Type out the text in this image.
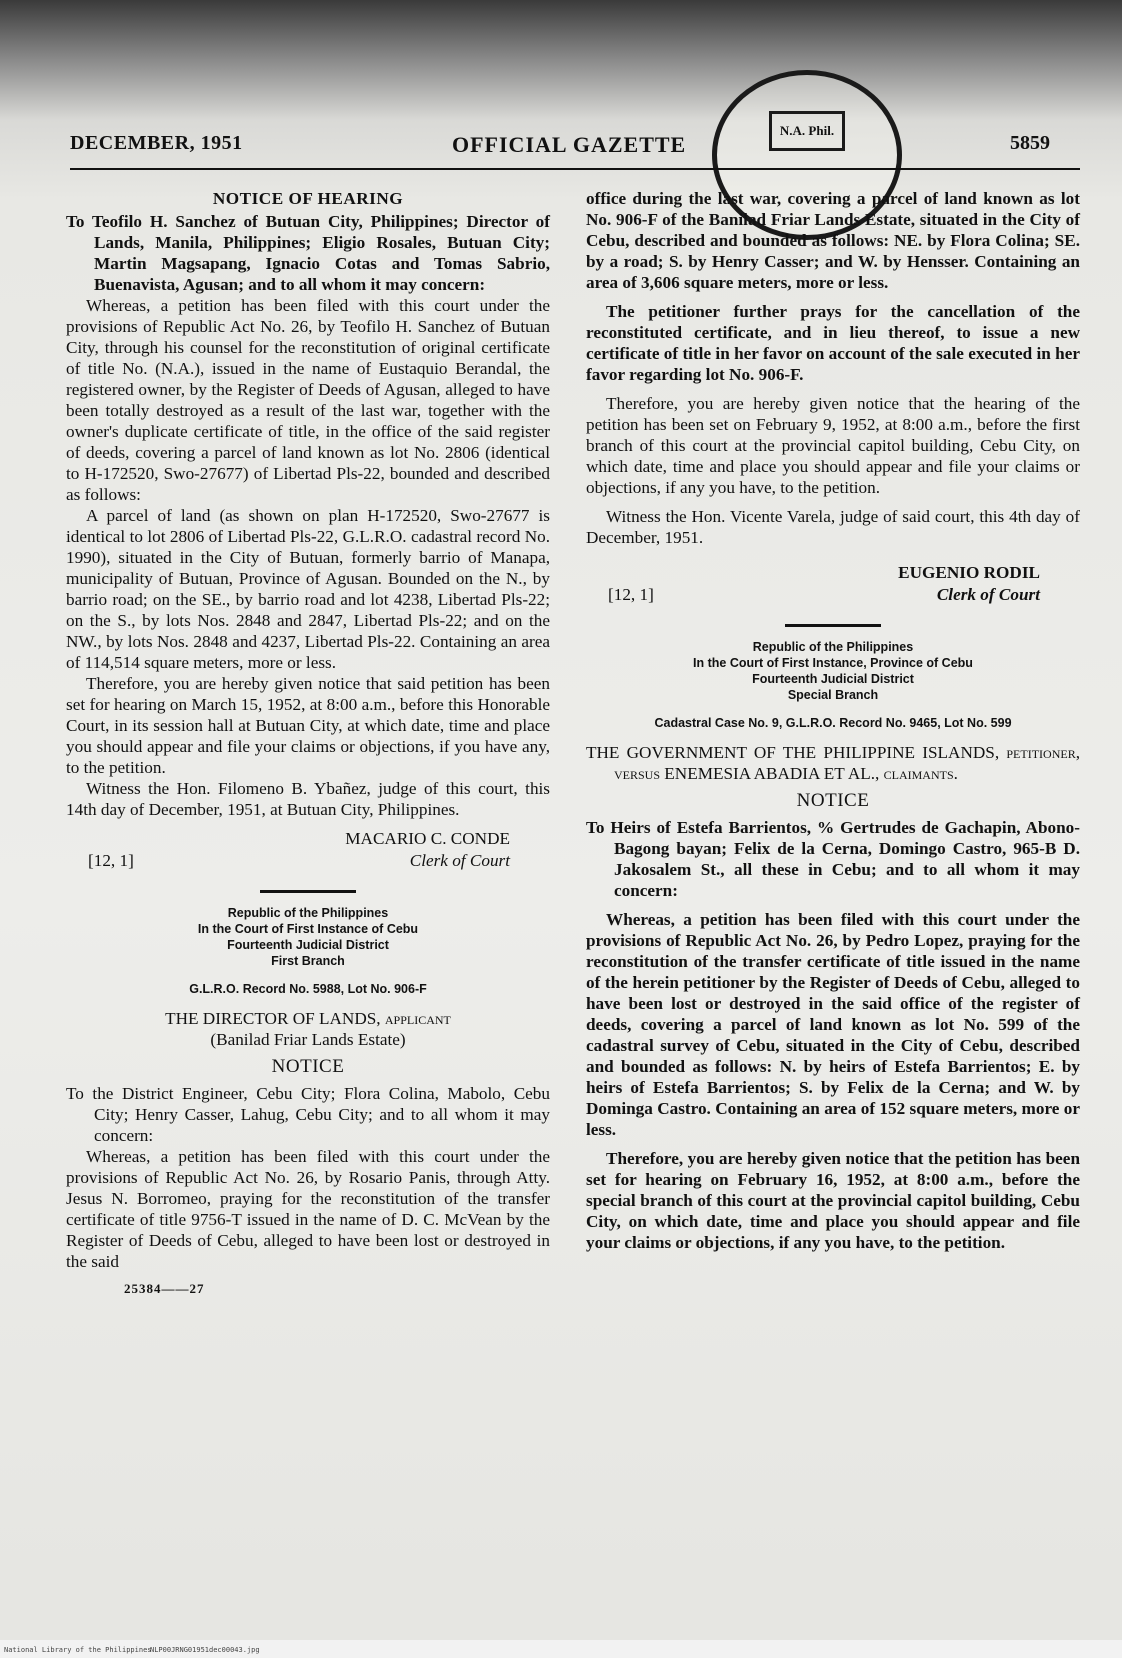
N.A. Phil.
DECEMBER, 1951	OFFICIAL GAZETTE	5859

NOTICE OF HEARING

To Teofilo H. Sanchez of Butuan City, Philippines; Director of Lands, Manila, Philippines; Eligio Rosales, Butuan City; Martin Magsapang, Ignacio Cotas and Tomas Sabrio, Buenavista, Agusan; and to all whom it may concern:

Whereas, a petition has been filed with this court under the provisions of Republic Act No. 26, by Teofilo H. Sanchez of Butuan City, through his counsel for the reconstitution of original certificate of title No. (N.A.), issued in the name of Eustaquio Berandal, the registered owner, by the Register of Deeds of Agusan, alleged to have been totally destroyed as a result of the last war, together with the owner's duplicate certificate of title, in the office of the said register of deeds, covering a parcel of land known as lot No. 2806 (identical to H-172520, Swo-27677) of Libertad Pls-22, bounded and described as follows:

A parcel of land (as shown on plan H-172520, Swo-27677 is identical to lot 2806 of Libertad Pls-22, G.L.R.O. cadastral record No. 1990), situated in the City of Butuan, formerly barrio of Manapa, municipality of Butuan, Province of Agusan. Bounded on the N., by barrio road; on the SE., by barrio road and lot 4238, Libertad Pls-22; on the S., by lots Nos. 2848 and 2847, Libertad Pls-22; and on the NW., by lots Nos. 2848 and 4237, Libertad Pls-22. Containing an area of 114,514 square meters, more or less.

Therefore, you are hereby given notice that said petition has been set for hearing on March 15, 1952, at 8:00 a.m., before this Honorable Court, in its session hall at Butuan City, at which date, time and place you should appear and file your claims or objections, if you have any, to the petition.

Witness the Hon. Filomeno B. Ybañez, judge of this court, this 14th day of December, 1951, at Butuan City, Philippines.

MACARIO C. CONDE
[12, 1]	Clerk of Court

Republic of the Philippines

In the Court of First Instance of Cebu

Fourteenth Judicial District

First Branch

G.L.R.O. Record No. 5988, Lot No. 906-F

THE DIRECTOR OF LANDS, applicant

(Banilad Friar Lands Estate)

NOTICE

To the District Engineer, Cebu City; Flora Colina, Mabolo, Cebu City; Henry Casser, Lahug, Cebu City; and to all whom it may concern:

Whereas, a petition has been filed with this court under the provisions of Republic Act No. 26, by Rosario Panis, through Atty. Jesus N. Borromeo, praying for the reconstitution of the transfer certificate of title 9756-T issued in the name of D. C. McVean by the Register of Deeds of Cebu, alleged to have been lost or destroyed in the said

25384——27

office during the last war, covering a parcel of land known as lot No. 906-F of the Banilad Friar Lands Estate, situated in the City of Cebu, described and bounded as follows: NE. by Flora Colina; SE. by a road; S. by Henry Casser; and W. by Hensser. Containing an area of 3,606 square meters, more or less.

The petitioner further prays for the cancellation of the reconstituted certificate, and in lieu thereof, to issue a new certificate of title in her favor on account of the sale executed in her favor regarding lot No. 906-F.

Therefore, you are hereby given notice that the hearing of the petition has been set on February 9, 1952, at 8:00 a.m., before the first branch of this court at the provincial capitol building, Cebu City, on which date, time and place you should appear and file your claims or objections, if any you have, to the petition.

Witness the Hon. Vicente Varela, judge of said court, this 4th day of December, 1951.

EUGENIO RODIL
[12, 1]	Clerk of Court

Republic of the Philippines

In the Court of First Instance, Province of Cebu

Fourteenth Judicial District

Special Branch

Cadastral Case No. 9, G.L.R.O. Record No. 9465, Lot No. 599

THE GOVERNMENT OF THE PHILIPPINE ISLANDS, petitioner, versus ENEMESIA ABADIA ET AL., claimants.

NOTICE

To Heirs of Estefa Barrientos, % Gertrudes de Gachapin, Abono-Bagong bayan; Felix de la Cerna, Domingo Castro, 965-B D. Jakosalem St., all these in Cebu; and to all whom it may concern:

Whereas, a petition has been filed with this court under the provisions of Republic Act No. 26, by Pedro Lopez, praying for the reconstitution of the transfer certificate of title issued in the name of the herein petitioner by the Register of Deeds of Cebu, alleged to have been lost or destroyed in the said office of the register of deeds, covering a parcel of land known as lot No. 599 of the cadastral survey of Cebu, situated in the City of Cebu, described and bounded as follows: N. by heirs of Estefa Barrientos; E. by heirs of Estefa Barrientos; S. by Felix de la Cerna; and W. by Dominga Castro. Containing an area of 152 square meters, more or less.

Therefore, you are hereby given notice that the petition has been set for hearing on February 16, 1952, at 8:00 a.m., before the special branch of this court at the provincial capitol building, Cebu City, on which date, time and place you should appear and file your claims or objections, if any you have, to the petition.

National Library of the Philippines
NLP00JRNG01951dec00043.jpg
